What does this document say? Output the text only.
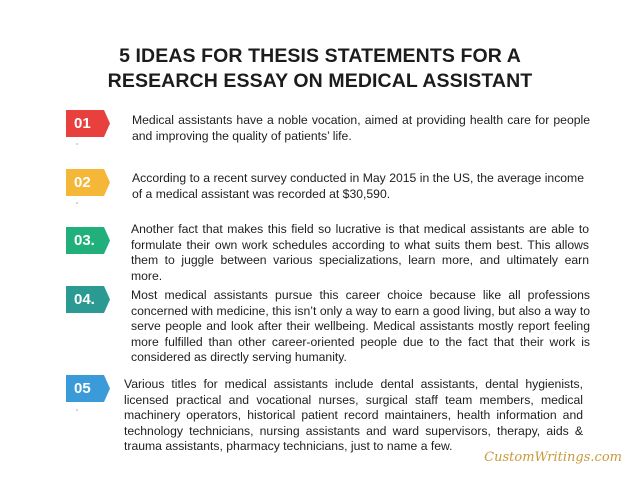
5 IDEAS FOR THESIS STATEMENTS FOR A
RESEARCH ESSAY ON MEDICAL ASSISTANT
01	Medical assistants have a noble vocation, aimed at providing health care for people and improving the quality of patients’ life.
02	According to a recent survey conducted in May 2015 in the US, the average income of a medical assistant was recorded at $30,590.
03.
Another fact that makes this field so lucrative is that medical assistants are able to formulate their own work schedules according to what suits them best. This allows them to juggle between various specializations, learn more, and ultimately earn more.
04.	Most medical assistants pursue this career choice because like all professions concerned with medicine, this isn’t only a way to earn a good living, but also a way to serve people and look after their wellbeing. Medical assistants mostly report feeling more fulfilled than other career-oriented people due to the fact that their work is considered as directly serving humanity.
05	Various titles for medical assistants include dental assistants, dental hygienists, licensed practical and vocational nurses, surgical staff team members, medical machinery operators, historical patient record maintainers, health information and technology technicians, nursing assistants and ward supervisors, therapy, aids & trauma assistants, pharmacy technicians, just to name a few.
CustomWritings.com
